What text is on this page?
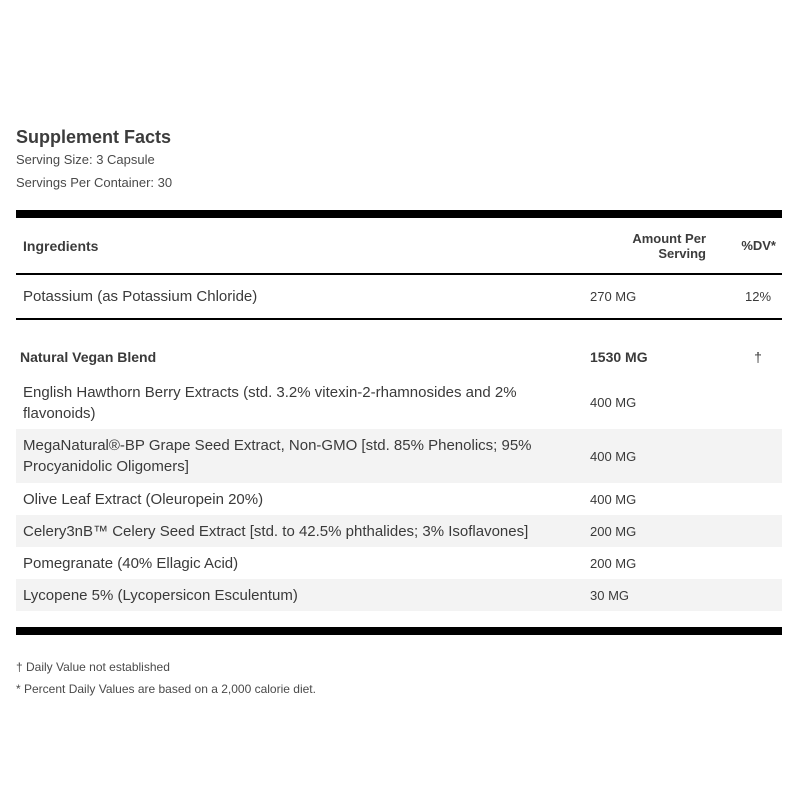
Supplement Facts
Serving Size: 3 Capsule
Servings Per Container: 30
Ingredients	Amount Per Serving	%DV*
Potassium (as Potassium Chloride)	270 MG	12%

Natural Vegan Blend	1530 MG	†
English Hawthorn Berry Extracts (std. 3.2% vitexin-2-rhamnosides and 2% flavonoids)	400 MG	
MegaNatural®-BP Grape Seed Extract, Non-GMO [std. 85% Phenolics; 95% Procyanidolic Oligomers]	400 MG	
Olive Leaf Extract (Oleuropein 20%)	400 MG	
Celery3nB™ Celery Seed Extract [std. to 42.5% phthalides; 3% Isoflavones]	200 MG	
Pomegranate (40% Ellagic Acid)	200 MG	
Lycopene 5% (Lycopersicon Esculentum)	30 MG	
† Daily Value not established
* Percent Daily Values are based on a 2,000 calorie diet.
